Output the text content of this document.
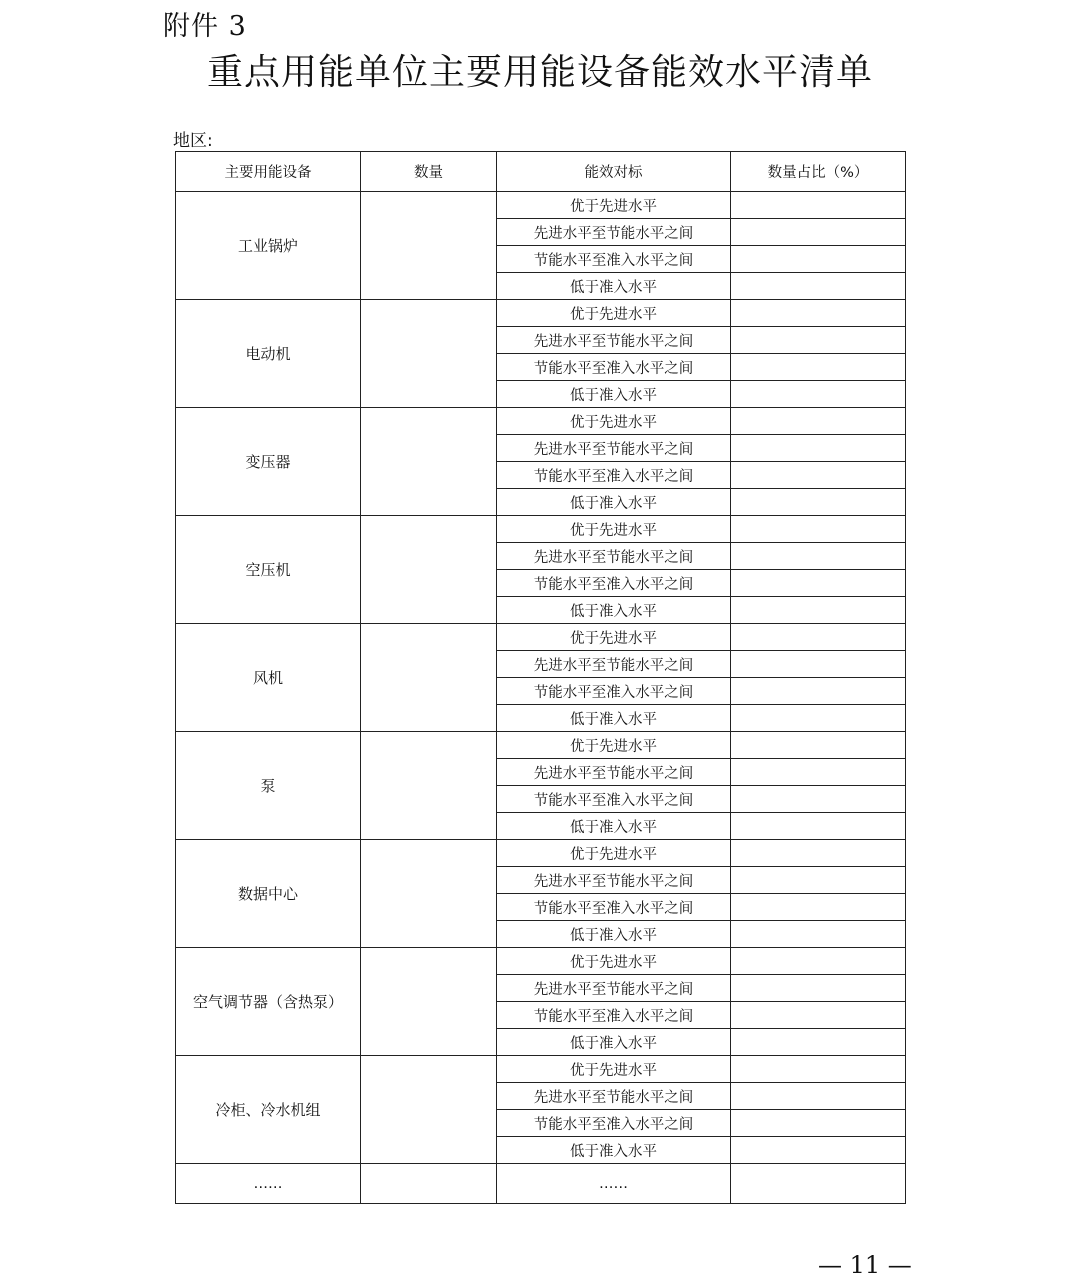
附件 3
重点用能单位主要用能设备能效水平清单
地区:
主要用能设备	数量	能效对标	数量占比（%）
工业锅炉		优于先进水平	
		先进水平至节能水平之间	
		节能水平至准入水平之间	
		低于准入水平	
电动机		优于先进水平	
		先进水平至节能水平之间	
		节能水平至准入水平之间	
		低于准入水平	
变压器		优于先进水平	
		先进水平至节能水平之间	
		节能水平至准入水平之间	
		低于准入水平	
空压机		优于先进水平	
		先进水平至节能水平之间	
		节能水平至准入水平之间	
		低于准入水平	
风机		优于先进水平	
		先进水平至节能水平之间	
		节能水平至准入水平之间	
		低于准入水平	
泵		优于先进水平	
		先进水平至节能水平之间	
		节能水平至准入水平之间	
		低于准入水平	
数据中心		优于先进水平	
		先进水平至节能水平之间	
		节能水平至准入水平之间	
		低于准入水平	
空气调节器（含热泵）		优于先进水平	
		先进水平至节能水平之间	
		节能水平至准入水平之间	
		低于准入水平	
冷柜、冷水机组		优于先进水平	
		先进水平至节能水平之间	
		节能水平至准入水平之间	
		低于准入水平	
……		……	
— 11 —
